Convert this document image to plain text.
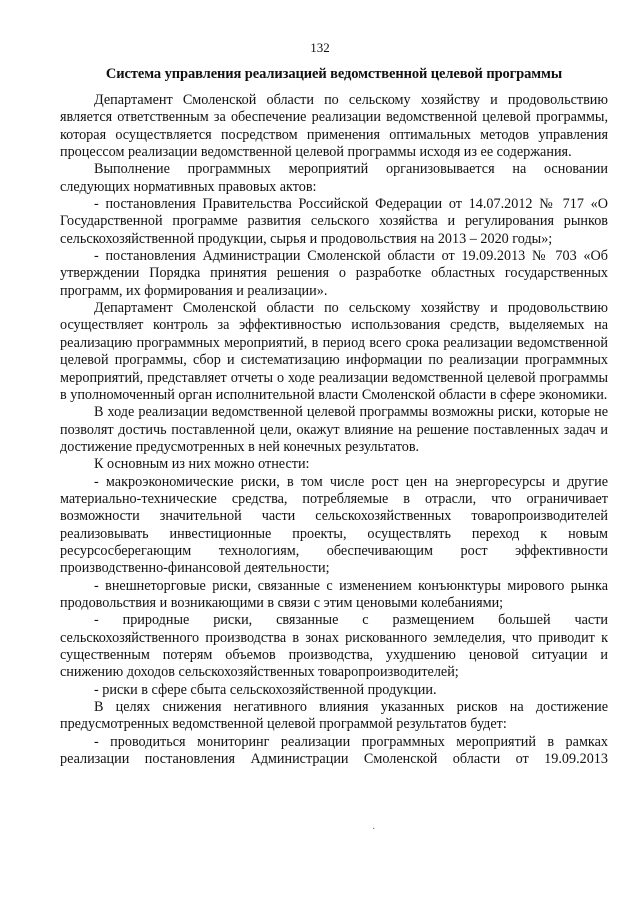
132
Система управления реализацией ведомственной целевой программы

Департамент Смоленской области по сельскому хозяйству и продовольствию является ответственным за обеспечение реализации ведомственной целевой программы, которая осуществляется посредством применения оптимальных методов управления процессом реализации ведомственной целевой программы исходя из ее содержания.

Выполнение программных мероприятий организовывается на основании следующих нормативных правовых актов:

- постановления Правительства Российской Федерации от 14.07.2012 № 717 «О Государственной программе развития сельского хозяйства и регулирования рынков сельскохозяйственной продукции, сырья и продовольствия на 2013 – 2020 годы»;

- постановления Администрации Смоленской области от 19.09.2013 № 703 «Об утверждении Порядка принятия решения о разработке областных государственных программ, их формирования и реализации».

Департамент Смоленской области по сельскому хозяйству и продовольствию осуществляет контроль за эффективностью использования средств, выделяемых на реализацию программных мероприятий, в период всего срока реализации ведомственной целевой программы, сбор и систематизацию информации по реализации программных мероприятий, представляет отчеты о ходе реализации ведомственной целевой программы в уполномоченный орган исполнительной власти Смоленской области в сфере экономики.

В ходе реализации ведомственной целевой программы возможны риски, которые не позволят достичь поставленной цели, окажут влияние на решение поставленных задач и достижение предусмотренных в ней конечных результатов.

К основным из них можно отнести:

- макроэкономические риски, в том числе рост цен на энергоресурсы и другие материально-технические средства, потребляемые в отрасли, что ограничивает возможности значительной части сельскохозяйственных товаропроизводителей реализовывать инвестиционные проекты, осуществлять переход к новым ресурсосберегающим технологиям, обеспечивающим рост эффективности производственно-финансовой деятельности;

- внешнеторговые риски, связанные с изменением конъюнктуры мирового рынка продовольствия и возникающими в связи с этим ценовыми колебаниями;

- природные риски, связанные с размещением большей части сельскохозяйственного производства в зонах рискованного земледелия, что приводит к существенным потерям объемов производства, ухудшению ценовой ситуации и снижению доходов сельскохозяйственных товаропроизводителей;

- риски в сфере сбыта сельскохозяйственной продукции.

В целях снижения негативного влияния указанных рисков на достижение предусмотренных ведомственной целевой программой результатов будет:

- проводиться мониторинг реализации программных мероприятий в рамках реализации постановления Администрации Смоленской области от 19.09.2013

·
